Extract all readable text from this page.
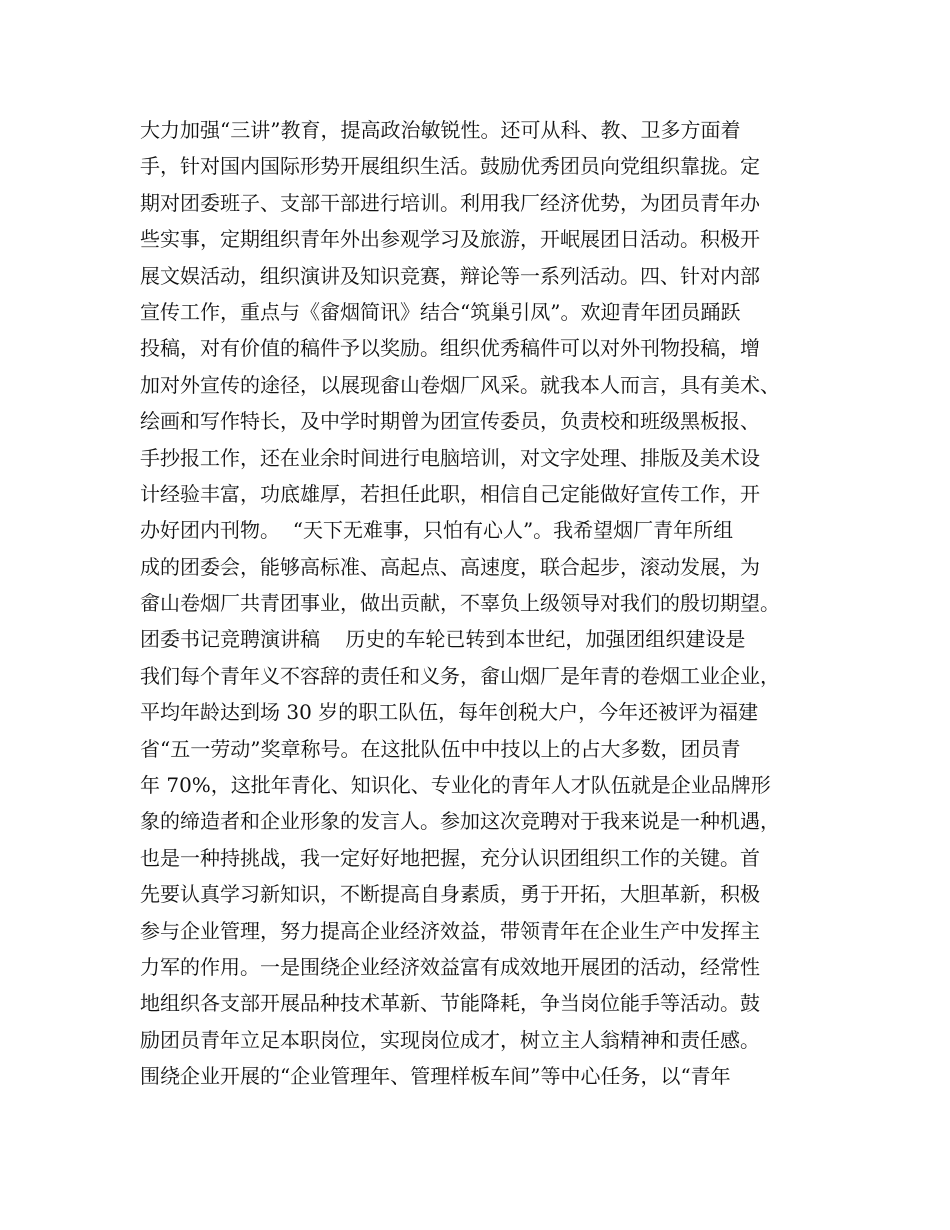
大力加强“三讲”教育，提高政治敏锐性。还可从科、教、卫多方面着
手，针对国内国际形势开展组织生活。鼓励优秀团员向党组织靠拢。定
期对团委班子、支部干部进行培训。利用我厂经济优势，为团员青年办
些实事，定期组织青年外出参观学习及旅游，开岷展团日活动。积极开
展文娱活动，组织演讲及知识竞赛，辩论等一系列活动。四、针对内部
宣传工作，重点与《畲烟简讯》结合“筑巢引凤”。欢迎青年团员踊跃
投稿，对有价值的稿件予以奖励。组织优秀稿件可以对外刊物投稿，增
加对外宣传的途径，以展现畲山卷烟厂风采。就我本人而言，具有美术、
绘画和写作特长，及中学时期曾为团宣传委员，负责校和班级黑板报、
手抄报工作，还在业余时间进行电脑培训，对文字处理、排版及美术设
计经验丰富，功底雄厚，若担任此职，相信自己定能做好宣传工作，开
办好团内刊物。  “天下无难事，只怕有心人”。我希望烟厂青年所组
成的团委会，能够高标准、高起点、高速度，联合起步，滚动发展，为
畲山卷烟厂共青团事业，做出贡献，不辜负上级领导对我们的殷切期望。
团委书记竞聘演讲稿    历史的车轮已转到本世纪，加强团组织建设是
我们每个青年义不容辞的责任和义务，畲山烟厂是年青的卷烟工业企业，
平均年龄达到场 30 岁的职工队伍，每年创税大户，今年还被评为福建
省“五一劳动”奖章称号。在这批队伍中中技以上的占大多数，团员青
年 70%，这批年青化、知识化、专业化的青年人才队伍就是企业品牌形
象的缔造者和企业形象的发言人。参加这次竞聘对于我来说是一种机遇，
也是一种持挑战，我一定好好地把握，充分认识团组织工作的关键。首
先要认真学习新知识，不断提高自身素质，勇于开拓，大胆革新，积极
参与企业管理，努力提高企业经济效益，带领青年在企业生产中发挥主
力军的作用。一是围绕企业经济效益富有成效地开展团的活动，经常性
地组织各支部开展品种技术革新、节能降耗，争当岗位能手等活动。鼓
励团员青年立足本职岗位，实现岗位成才，树立主人翁精神和责任感。
围绕企业开展的“企业管理年、管理样板车间”等中心任务，以“青年
